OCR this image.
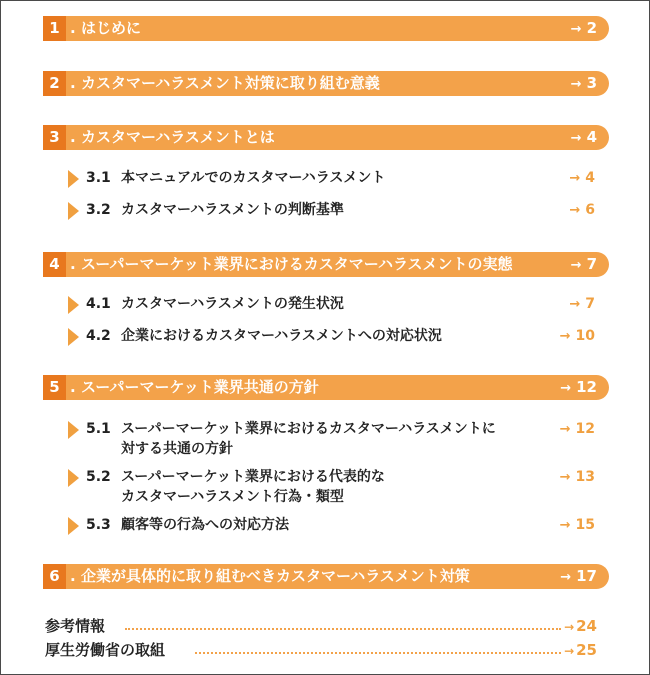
1 . はじめに	→ 2
2 . カスタマーハラスメント対策に取り組む意義	→ 3
3 . カスタマーハラスメントとは	→ 4
3.1 本マニュアルでのカスタマーハラスメント	→ 4
3.2 カスタマーハラスメントの判断基準	→ 6
4 . スーパーマーケット業界におけるカスタマーハラスメントの実態	→ 7
4.1 カスタマーハラスメントの発生状況	→ 7
4.2 企業におけるカスタマーハラスメントへの対応状況	→ 10
5 . スーパーマーケット業界共通の方針	→ 12
5.1 スーパーマーケット業界におけるカスタマーハラスメントに
対する共通の方針
→ 12
5.2 スーパーマーケット業界における代表的な
カスタマーハラスメント行為・類型
→ 13
5.3 顧客等の行為への対応方法	→ 15
6 . 企業が具体的に取り組むべきカスタマーハラスメント対策	→ 17
参考情報	→ 24
厚生労働省の取組	→ 25
